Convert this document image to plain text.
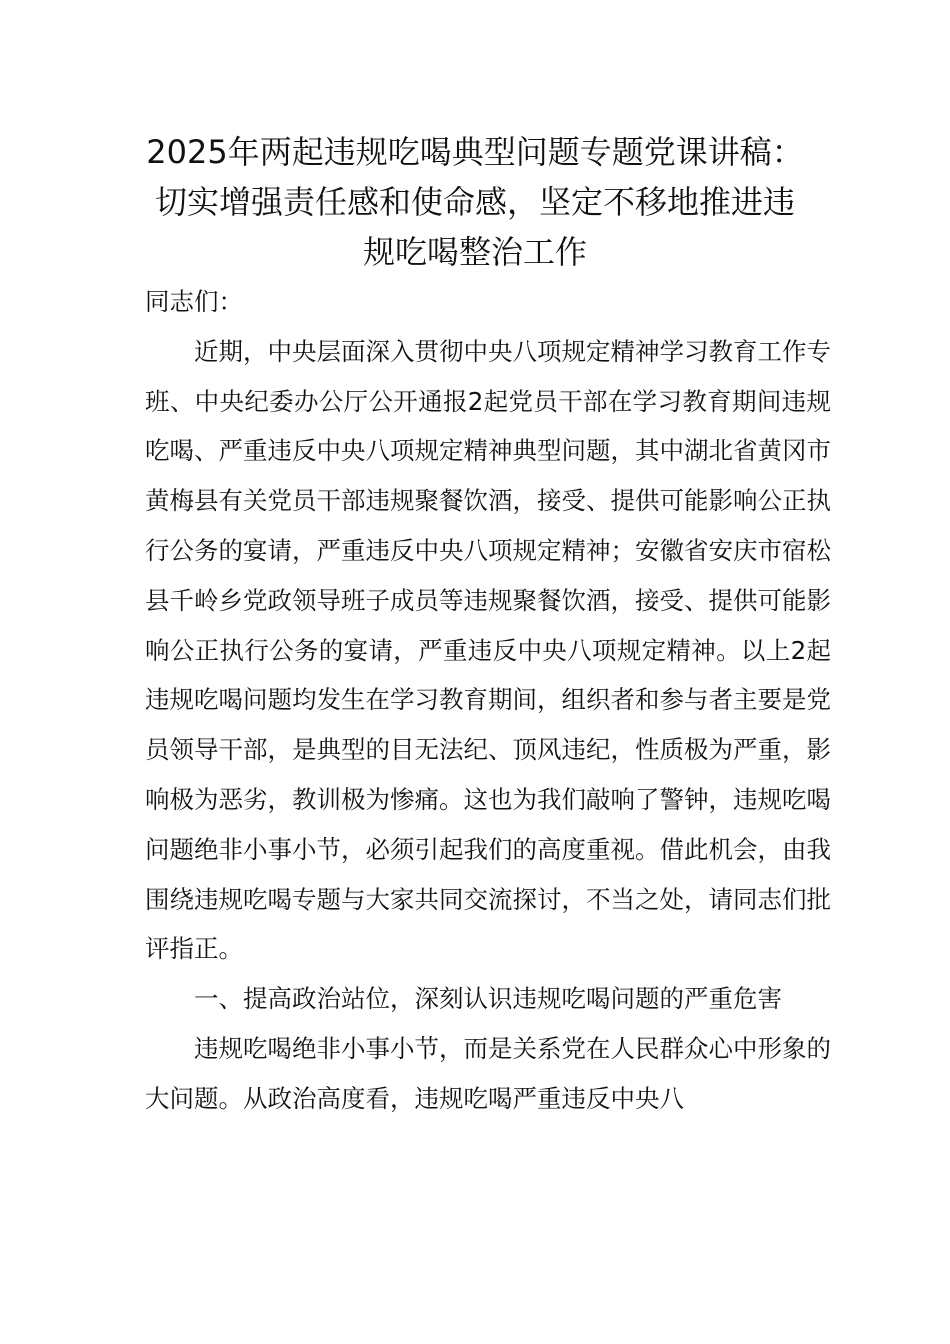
2025年两起违规吃喝典型问题专题党课讲稿：切实增强责任感和使命感，坚定不移地推进违规吃喝整治工作

同志们：

近期，中央层面深入贯彻中央八项规定精神学习教育工作专班、中央纪委办公厅公开通报2起党员干部在学习教育期间违规吃喝、严重违反中央八项规定精神典型问题，其中湖北省黄冈市黄梅县有关党员干部违规聚餐饮酒，接受、提供可能影响公正执行公务的宴请，严重违反中央八项规定精神；安徽省安庆市宿松县千岭乡党政领导班子成员等违规聚餐饮酒，接受、提供可能影响公正执行公务的宴请，严重违反中央八项规定精神。以上2起违规吃喝问题均发生在学习教育期间，组织者和参与者主要是党员领导干部，是典型的目无法纪、顶风违纪，性质极为严重，影响极为恶劣，教训极为惨痛。这也为我们敲响了警钟，违规吃喝问题绝非小事小节，必须引起我们的高度重视。借此机会，由我围绕违规吃喝专题与大家共同交流探讨，不当之处，请同志们批评指正。

一、提高政治站位，深刻认识违规吃喝问题的严重危害

违规吃喝绝非小事小节，而是关系党在人民群众心中形象的大问题。从政治高度看，违规吃喝严重违反中央八
